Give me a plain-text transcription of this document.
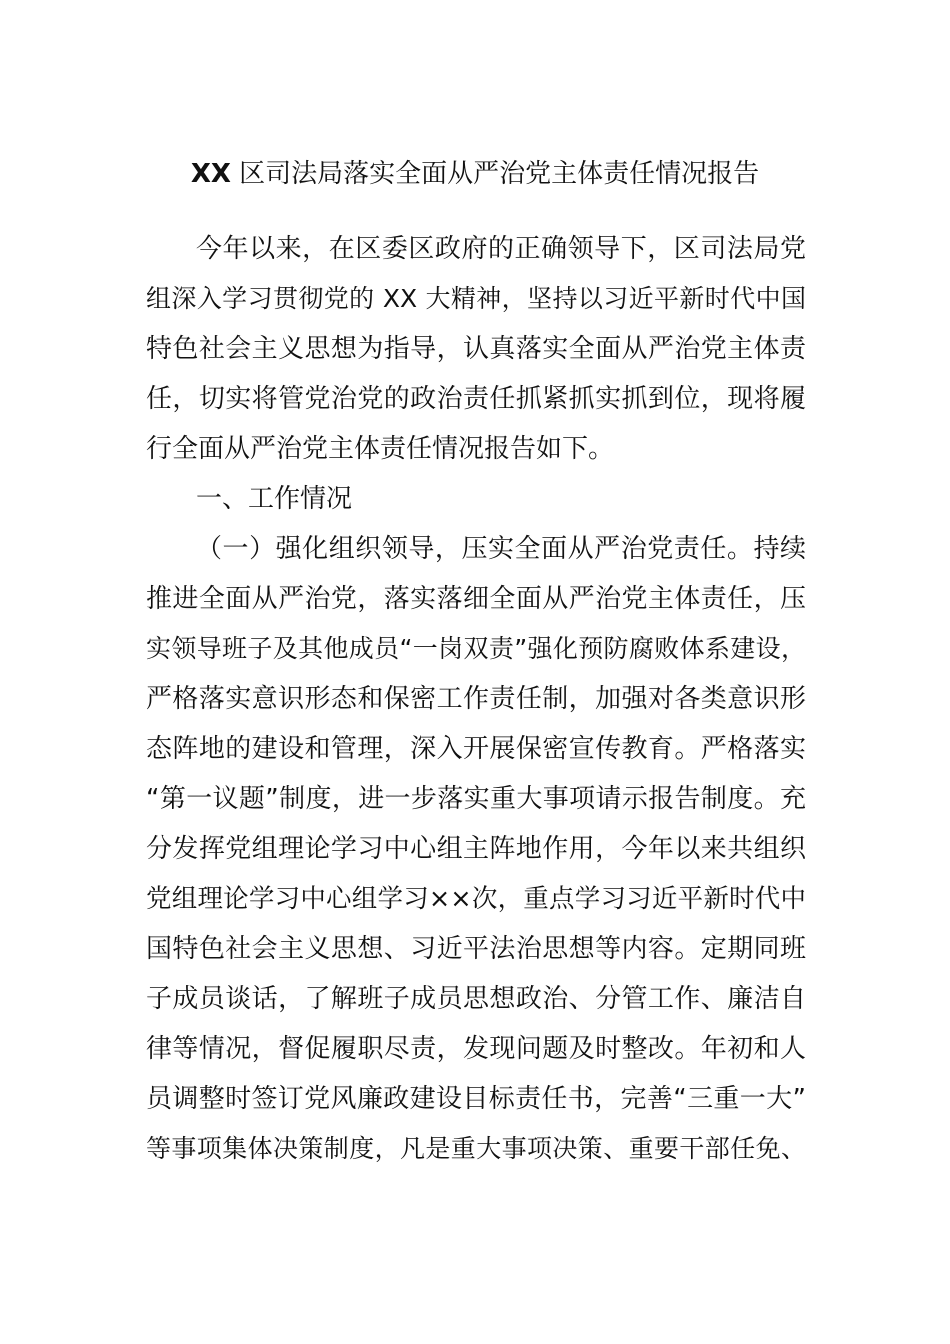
XX 区司法局落实全面从严治党主体责任情况报告
今年以来，在区委区政府的正确领导下，区司法局党
组深入学习贯彻党的 XX 大精神，坚持以习近平新时代中国
特色社会主义思想为指导，认真落实全面从严治党主体责
任，切实将管党治党的政治责任抓紧抓实抓到位，现将履
行全面从严治党主体责任情况报告如下。
一、工作情况
（一）强化组织领导，压实全面从严治党责任。持续
推进全面从严治党，落实落细全面从严治党主体责任，压
实领导班子及其他成员“一岗双责”强化预防腐败体系建设，
严格落实意识形态和保密工作责任制，加强对各类意识形
态阵地的建设和管理，深入开展保密宣传教育。严格落实
“第一议题”制度，进一步落实重大事项请示报告制度。充
分发挥党组理论学习中心组主阵地作用，今年以来共组织
党组理论学习中心组学习××次，重点学习习近平新时代中
国特色社会主义思想、习近平法治思想等内容。定期同班
子成员谈话，了解班子成员思想政治、分管工作、廉洁自
律等情况，督促履职尽责，发现问题及时整改。年初和人
员调整时签订党风廉政建设目标责任书，完善“三重一大”
等事项集体决策制度，凡是重大事项决策、重要干部任免、
